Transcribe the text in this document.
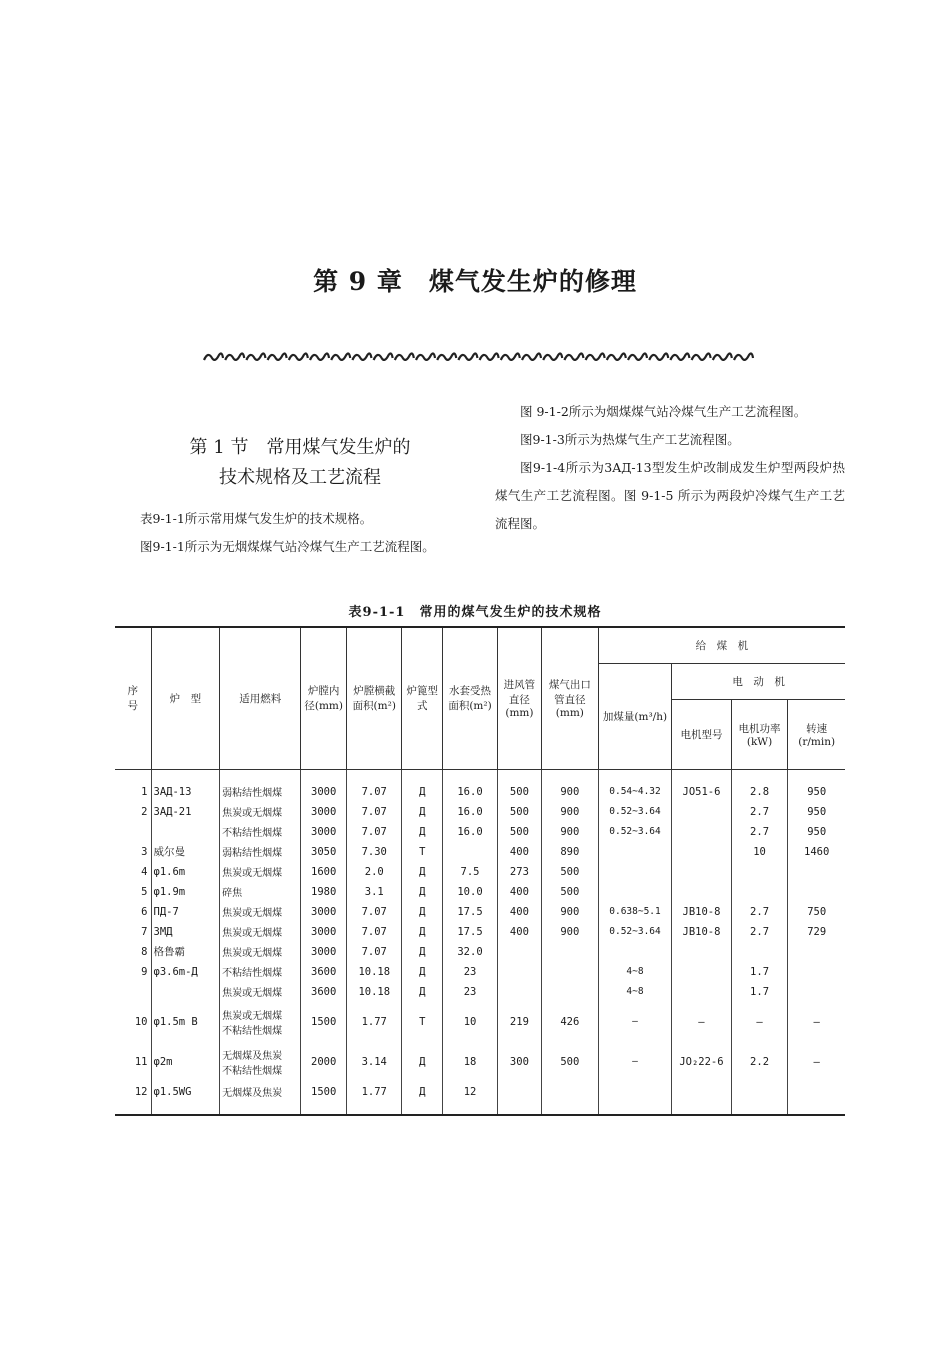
第 9 章　煤气发生炉的修理
第 1 节　常用煤气发生炉的
技术规格及工艺流程

表9-1-1所示常用煤气发生炉的技术规格。

图9-1-1所示为无烟煤煤气站冷煤气生产工艺流程图。

图 9-1-2所示为烟煤煤气站冷煤气生产工艺流程图。

图9-1-3所示为热煤气生产工艺流程图。

图9-1-4所示为3AД-13型发生炉改制成发生炉型两段炉热煤气生产工艺流程图。图 9-1-5 所示为两段炉冷煤气生产工艺流程图。

表9-1-1　常用的煤气发生炉的技术规格
序　　号	炉　型	适用燃料	炉膛内径(mm)	炉膛横截面积(m²)	炉篦型式	水套受热面积(m²)	进风管直径(mm)	煤气出口管直径(mm)	给　煤　机			
									加煤量(m³/h)	电　动　机		
										电机型号	电机功率(kW)	转速(r/min)

1	3AД-13	弱粘结性烟煤	3000	7.07	Д	16.0	500	900	0.54~4.32	JO51-6	2.8	950
2	3AД-21	焦炭或无烟煤	3000	7.07	Д	16.0	500	900	0.52~3.64		2.7	950
		不粘结性烟煤	3000	7.07	Д	16.0	500	900	0.52~3.64		2.7	950
3	威尔曼	弱粘结性烟煤	3050	7.30	T		400	890			10	1460
4	φ1.6m	焦炭或无烟煤	1600	2.0	Д	7.5	273	500				
5	φ1.9m	碎焦	1980	3.1	Д	10.0	400	500				
6	ПД-7	焦炭或无烟煤	3000	7.07	Д	17.5	400	900	0.638~5.1	JB10-8	2.7	750
7	3MД	焦炭或无烟煤	3000	7.07	Д	17.5	400	900	0.52~3.64	JB10-8	2.7	729
8	格鲁霸	焦炭或无烟煤	3000	7.07	Д	32.0						
9	φ3.6m-Д	不粘结性烟煤	3600	10.18	Д	23			4~8		1.7	
		焦炭或无烟煤	3600	10.18	Д	23			4~8		1.7	
10	φ1.5m B	焦炭或无烟煤
不粘结性烟煤	1500	1.77	T	10	219	426	—	—	—	—
11	φ2m	无烟煤及焦炭
不粘结性烟煤	2000	3.14	Д	18	300	500	—	JO₂22-6	2.2	—
12	φ1.5WG	无烟煤及焦炭	1500	1.77	Д	12						
